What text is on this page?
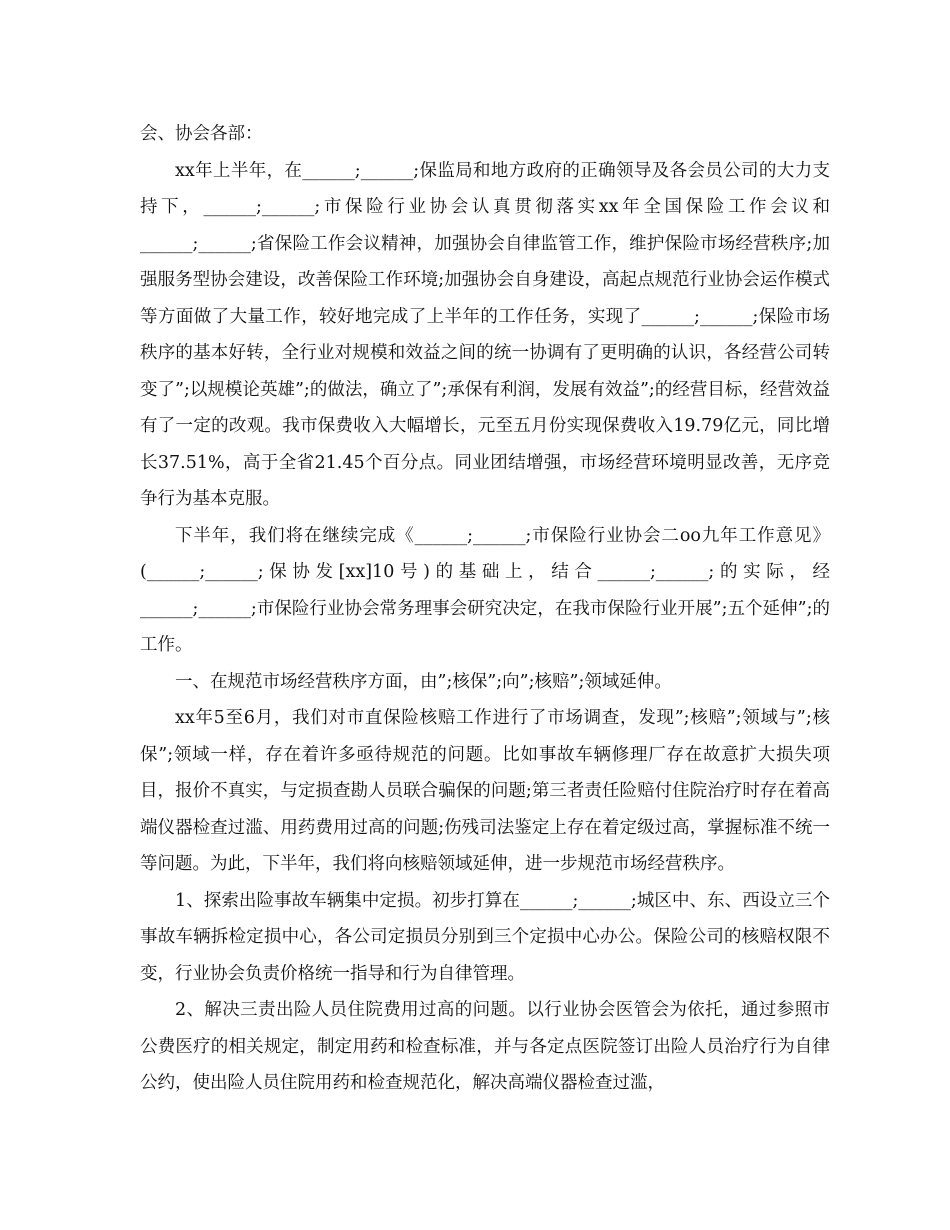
会、协会各部：

xx年上半年，在______;______;保监局和地方政府的正确领导及各会员公司的大力支持下，______;______;市保险行业协会认真贯彻落实xx年全国保险工作会议和______;______;省保险工作会议精神，加强协会自律监管工作，维护保险市场经营秩序;加强服务型协会建设，改善保险工作环境;加强协会自身建设，高起点规范行业协会运作模式等方面做了大量工作，较好地完成了上半年的工作任务，实现了______;______;保险市场秩序的基本好转，全行业对规模和效益之间的统一协调有了更明确的认识，各经营公司转变了”;以规模论英雄”;的做法，确立了”;承保有利润，发展有效益”;的经营目标，经营效益有了一定的改观。我市保费收入大幅增长，元至五月份实现保费收入19.79亿元，同比增长37.51%，高于全省21.45个百分点。同业团结增强，市场经营环境明显改善，无序竞争行为基本克服。

下半年，我们将在继续完成《______;______;市保险行业协会二oo九年工作意见》(______;______;保协发[xx]10号)的基础上，结合______;______;的实际，经______;______;市保险行业协会常务理事会研究决定，在我市保险行业开展”;五个延伸”;的工作。

一、在规范市场经营秩序方面，由”;核保”;向”;核赔”;领域延伸。

xx年5至6月，我们对市直保险核赔工作进行了市场调查，发现”;核赔”;领域与”;核保”;领域一样，存在着许多亟待规范的问题。比如事故车辆修理厂存在故意扩大损失项目，报价不真实，与定损查勘人员联合骗保的问题;第三者责任险赔付住院治疗时存在着高端仪器检查过滥、用药费用过高的问题;伤残司法鉴定上存在着定级过高，掌握标准不统一等问题。为此，下半年，我们将向核赔领域延伸，进一步规范市场经营秩序。

1、探索出险事故车辆集中定损。初步打算在______;______;城区中、东、西设立三个事故车辆拆检定损中心，各公司定损员分别到三个定损中心办公。保险公司的核赔权限不变，行业协会负责价格统一指导和行为自律管理。

2、解决三责出险人员住院费用过高的问题。以行业协会医管会为依托，通过参照市公费医疗的相关规定，制定用药和检查标准，并与各定点医院签订出险人员治疗行为自律公约，使出险人员住院用药和检查规范化，解决高端仪器检查过滥，
